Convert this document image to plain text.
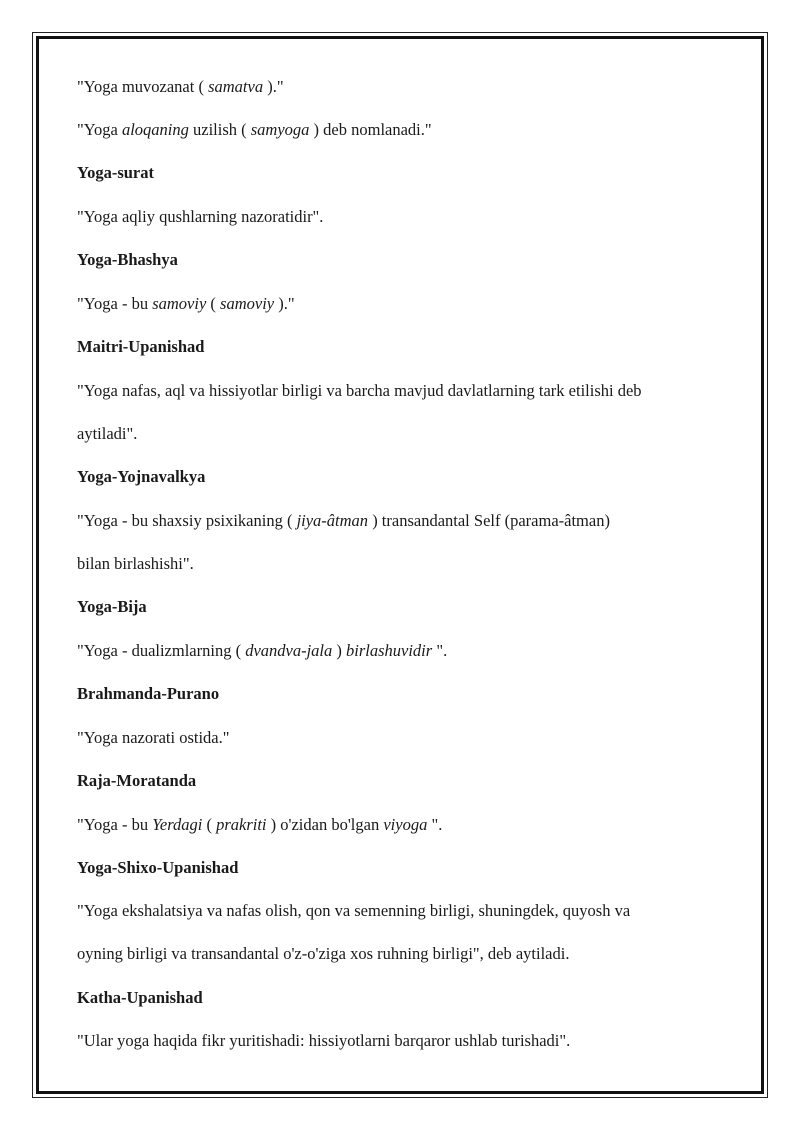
"Yoga muvozanat ( samatva )."
"Yoga aloqaning uzilish ( samyoga ) deb nomlanadi."
Yoga-surat
"Yoga aqliy qushlarning nazoratidir".
Yoga-Bhashya
"Yoga - bu samoviy ( samoviy )."
Maitri-Upanishad
"Yoga nafas, aql va hissiyotlar birligi va barcha mavjud davlatlarning tark etilishi deb
aytiladi".
Yoga-Yojnavalkya
"Yoga - bu shaxsiy psixikaning ( jiya-âtman ) transandantal Self (parama-âtman)
bilan birlashishi".
Yoga-Bija
"Yoga - dualizmlarning ( dvandva-jala ) birlashuvidir ".
Brahmanda-Purano
"Yoga nazorati ostida."
Raja-Moratanda
"Yoga - bu Yerdagi ( prakriti ) o'zidan bo'lgan viyoga ".
Yoga-Shixo-Upanishad
"Yoga ekshalatsiya va nafas olish, qon va semenning birligi, shuningdek, quyosh va
oyning birligi va transandantal o'z-o'ziga xos ruhning birligi", deb aytiladi.
Katha-Upanishad
"Ular yoga haqida fikr yuritishadi: hissiyotlarni barqaror ushlab turishadi".
